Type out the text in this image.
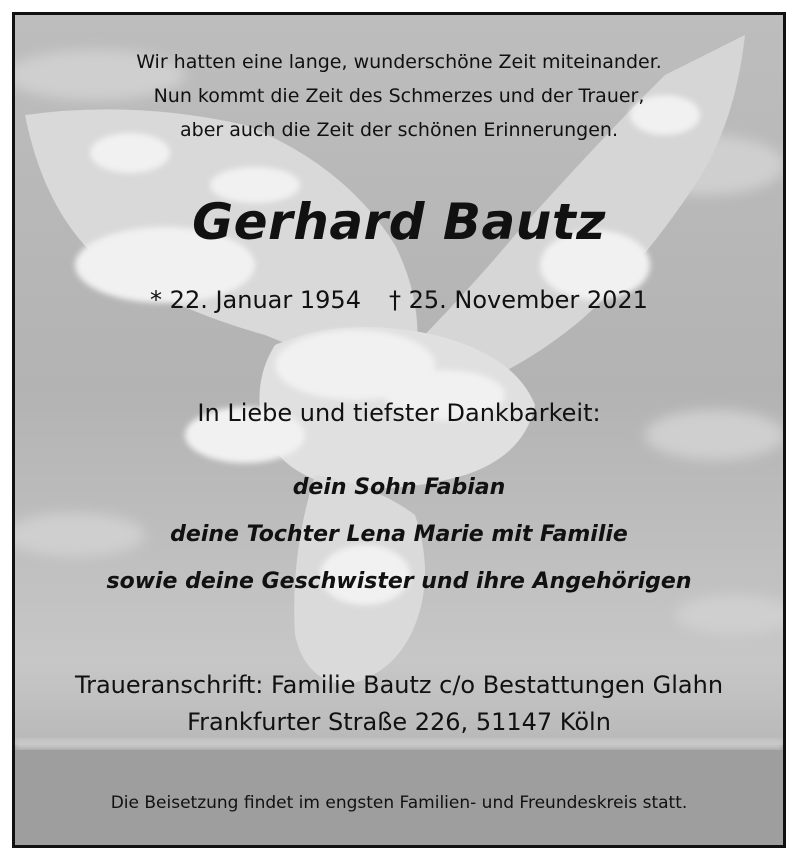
Wir hatten eine lange, wunderschöne Zeit miteinander.
Nun kommt die Zeit des Schmerzes und der Trauer,
aber auch die Zeit der schönen Erinnerungen.
Gerhard Bautz
* 22. Januar 1954 † 25. November 2021
In Liebe und tiefster Dankbarkeit:
dein Sohn Fabian
deine Tochter Lena Marie mit Familie
sowie deine Geschwister und ihre Angehörigen
Traueranschrift: Familie Bautz c/o Bestattungen Glahn
Frankfurter Straße 226, 51147 Köln
Die Beisetzung findet im engsten Familien- und Freundeskreis statt.
